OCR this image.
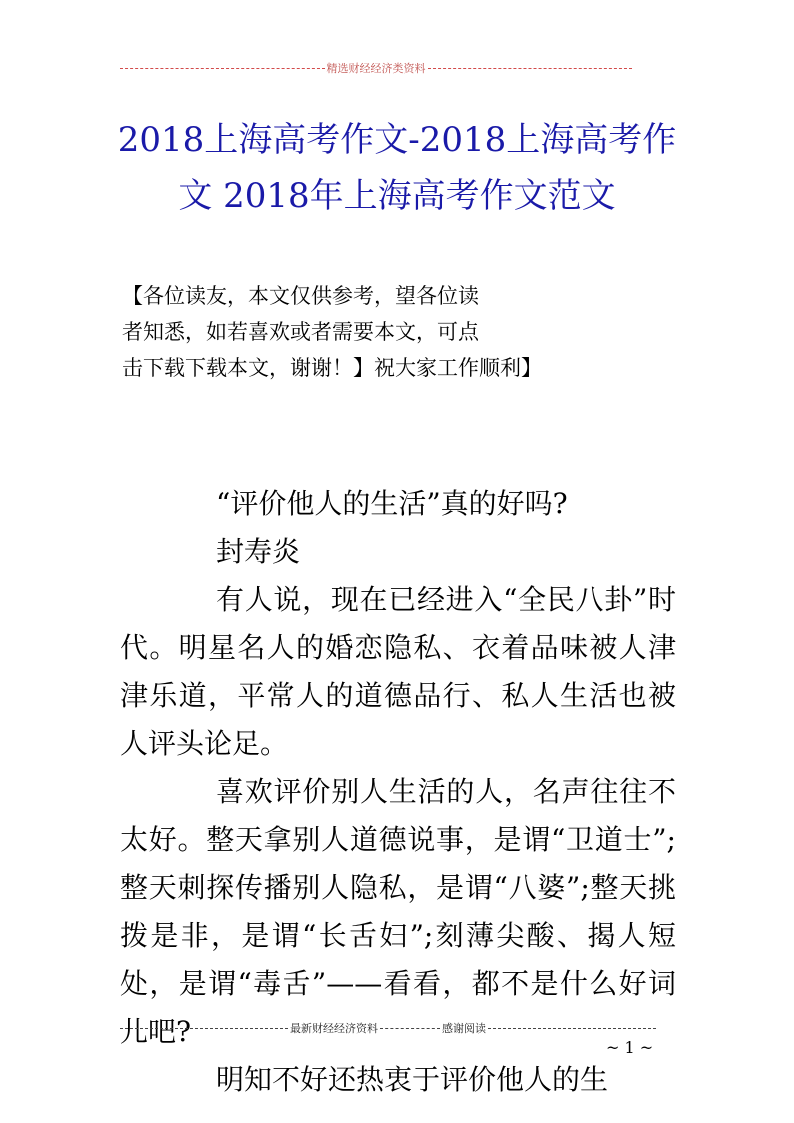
精选财经经济类资料
2018上海高考作文-2018上海高考作
文 2018年上海高考作文范文

【各位读友，本文仅供参考，望各位读

者知悉，如若喜欢或者需要本文，可点

击下载下载本文，谢谢！】祝大家工作顺利】

“评价他人的生活”真的好吗?

封寿炎

有人说，现在已经进入“全民八卦”时代。明星名人的婚恋隐私、衣着品味被人津津乐道，平常人的道德品行、私人生活也被人评头论足。

喜欢评价别人生活的人，名声往往不太好。整天拿别人道德说事，是谓“卫道士”;整天刺探传播别人隐私，是谓“八婆”;整天挑拨是非，是谓“长舌妇”;刻薄尖酸、揭人短处，是谓“毒舌”——看看，都不是什么好词儿吧?

明知不好还热衷于评价他人的生

最新财经经济资料	感谢阅读
~ 1 ~
